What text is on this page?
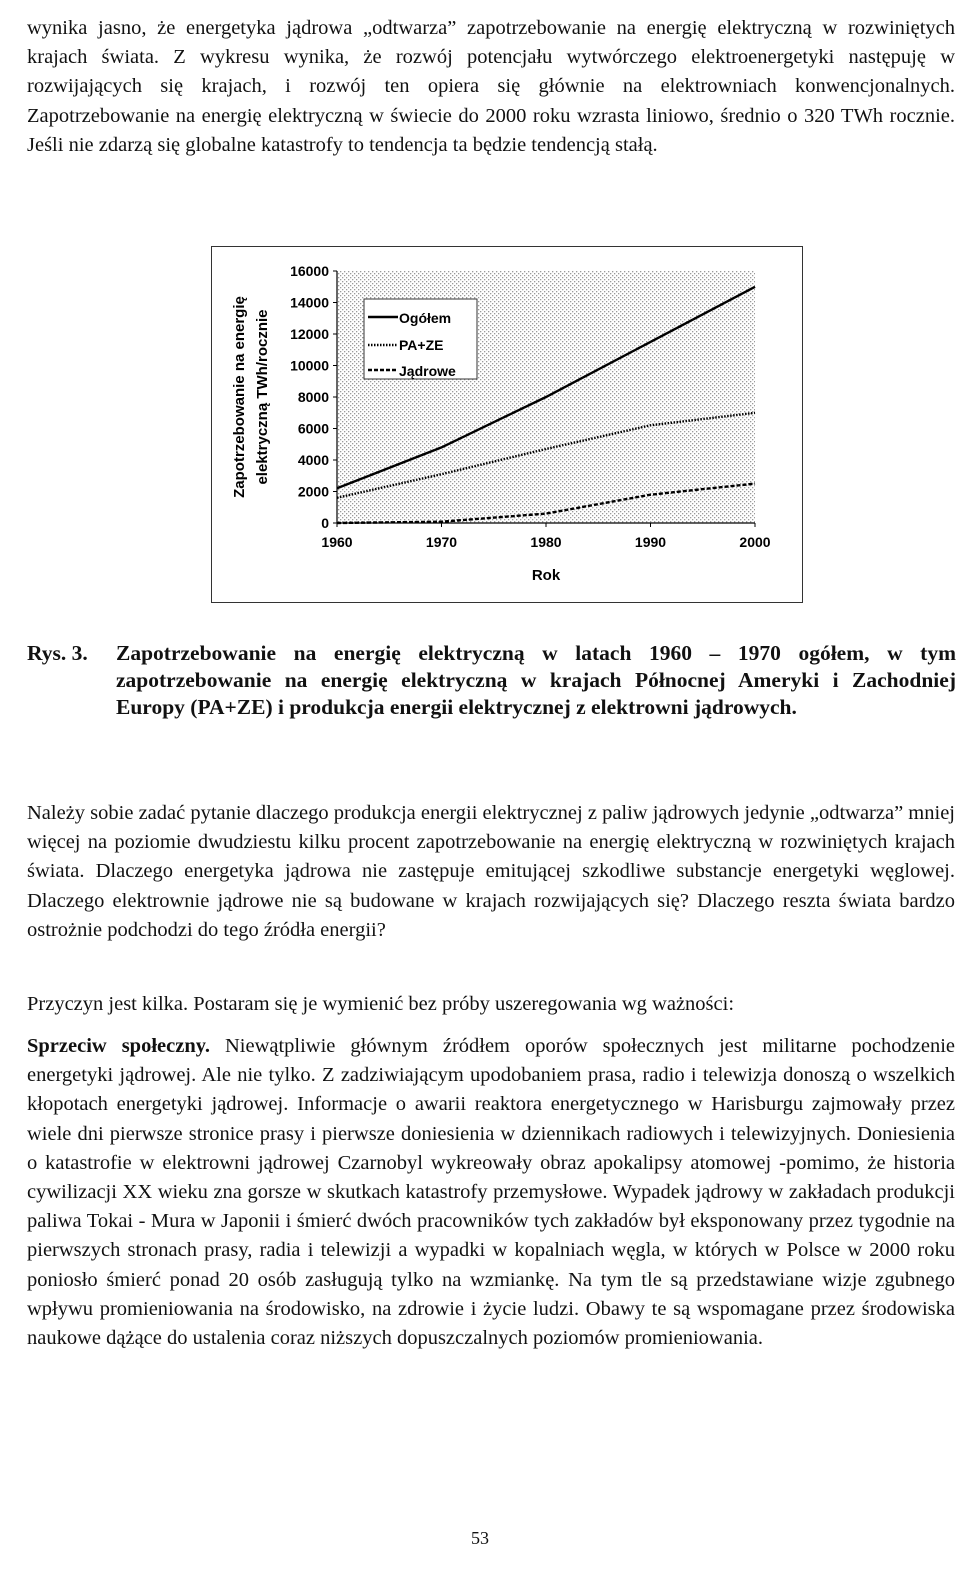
wynika jasno, że energetyka jądrowa „odtwarza” zapotrzebowanie na energię elektryczną w rozwiniętych krajach świata. Z wykresu wynika, że rozwój potencjału wytwórczego elektroenergetyki następuję w rozwijających się krajach, i rozwój ten opiera się głównie na elektrowniach konwencjonalnych. Zapotrzebowanie na energię elektryczną w świecie do 2000 roku wzrasta liniowo, średnio o 320 TWh rocznie. Jeśli nie zdarzą się globalne katastrofy to tendencja ta będzie tendencją stałą.

0
2000
4000
6000
8000
10000
12000
14000
16000
1960	1970	1980	1990	2000
Ogółem
PA+ZE
Jądrowe
Zapotrzebowanie na energię elektryczną TWh/rocznie
Rok
Rys. 3. Zapotrzebowanie na energię elektryczną w latach 1960 – 1970 ogółem, w tym zapotrzebowanie na energię elektryczną w krajach Północnej Ameryki i Zachodniej Europy (PA+ZE) i produkcja energii elektrycznej z elektrowni jądrowych.

Należy sobie zadać pytanie dlaczego produkcja energii elektrycznej z paliw jądrowych jedynie „odtwarza” mniej więcej na poziomie dwudziestu kilku procent zapotrzebowanie na energię elektryczną w rozwiniętych krajach świata. Dlaczego energetyka jądrowa nie zastępuje emitującej szkodliwe substancje energetyki węglowej. Dlaczego elektrownie jądrowe nie są budowane w krajach rozwijających się? Dlaczego reszta świata bardzo ostrożnie podchodzi do tego źródła energii?

Przyczyn jest kilka. Postaram się je wymienić bez próby uszeregowania wg ważności:

Sprzeciw społeczny. Niewątpliwie głównym źródłem oporów społecznych jest militarne pochodzenie energetyki jądrowej. Ale nie tylko. Z zadziwiającym upodobaniem prasa, radio i telewizja donoszą o wszelkich kłopotach energetyki jądrowej. Informacje o awarii reaktora energetycznego w Harisburgu zajmowały przez wiele dni pierwsze stronice prasy i pierwsze doniesienia w dziennikach radiowych i telewizyjnych. Doniesienia o katastrofie w elektrowni jądrowej Czarnobyl wykreowały obraz apokalipsy atomowej -pomimo, że historia cywilizacji XX wieku zna gorsze w skutkach katastrofy przemysłowe. Wypadek jądrowy w zakładach produkcji paliwa Tokai - Mura w Japonii i śmierć dwóch pracowników tych zakładów był eksponowany przez tygodnie na pierwszych stronach prasy, radia i telewizji a wypadki w kopalniach węgla, w których w Polsce w 2000 roku poniosło śmierć ponad 20 osób zasługują tylko na wzmiankę. Na tym tle są przedstawiane wizje zgubnego wpływu promieniowania na środowisko, na zdrowie i życie ludzi. Obawy te są wspomagane przez środowiska naukowe dążące do ustalenia coraz niższych dopuszczalnych poziomów promieniowania.

53
